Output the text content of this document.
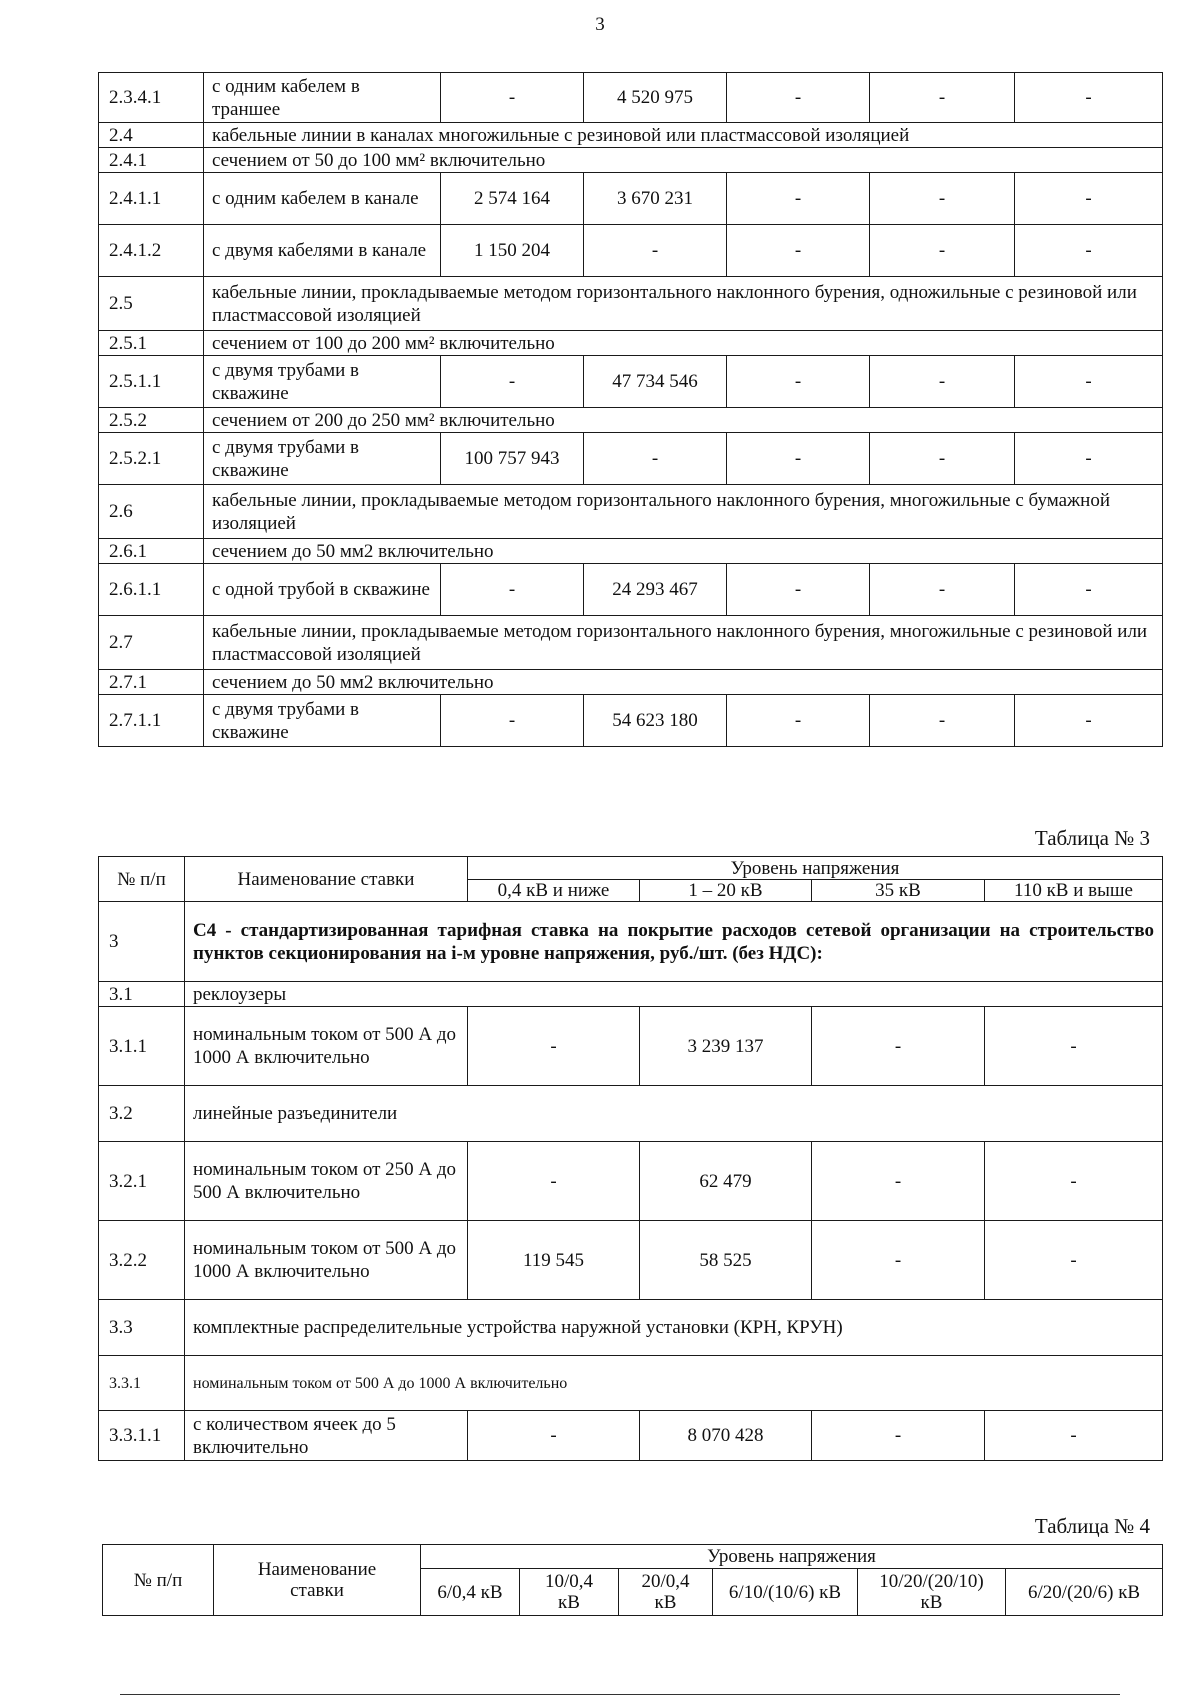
3
2.3.4.1	с одним кабелем в траншее	-	4 520 975	-	-	-
2.4	кабельные линии в каналах многожильные с резиновой или пластмассовой изоляцией					
2.4.1	сечением от 50 до 100 мм² включительно					
2.4.1.1	с одним кабелем в канале	2 574 164	3 670 231	-	-	-
2.4.1.2	с двумя кабелями в канале	1 150 204	-	-	-	-
2.5	кабельные линии, прокладываемые методом горизонтального наклонного бурения, одножильные с резиновой или пластмассовой изоляцией					
2.5.1	сечением от 100 до 200 мм² включительно					
2.5.1.1	с двумя трубами в скважине	-	47 734 546	-	-	-
2.5.2	сечением от 200 до 250 мм² включительно					
2.5.2.1	с двумя трубами в скважине	100 757 943	-	-	-	-
2.6	кабельные линии, прокладываемые методом горизонтального наклонного бурения, многожильные с бумажной изоляцией					
2.6.1	сечением до 50 мм2 включительно					
2.6.1.1	с одной трубой в скважине	-	24 293 467	-	-	-
2.7	кабельные линии, прокладываемые методом горизонтального наклонного бурения, многожильные с резиновой или пластмассовой изоляцией					
2.7.1	сечением до 50 мм2 включительно					
2.7.1.1	с двумя трубами в скважине	-	54 623 180	-	-	-
Таблица № 3
№ п/п	Наименование ставки	Уровень напряжения			
		0,4 кВ и ниже	1 – 20 кВ	35 кВ	110 кВ и выше
3	С4 - стандартизированная тарифная ставка на покрытие расходов сетевой организации на строительство пунктов секционирования на i-м уровне напряжения, руб./шт. (без НДС):				
3.1	реклоузеры				
3.1.1	номинальным током от 500 А до 1000 А включительно	-	3 239 137	-	-
3.2	линейные разъединители				
3.2.1	номинальным током от 250 А до 500 А включительно	-	62 479	-	-
3.2.2	номинальным током от 500 А до 1000 А включительно	119 545	58 525	-	-
3.3	комплектные распределительные устройства наружной установки (КРН, КРУН)				
3.3.1	номинальным током от 500 А до 1000 А включительно				
3.3.1.1	с количеством ячеек до 5 включительно	-	8 070 428	-	-
Таблица № 4
№ п/п	Наименование ставки	Уровень напряжения					
		6/0,4 кВ	10/0,4 кВ	20/0,4 кВ	6/10/(10/6) кВ	10/20/(20/10) кВ	6/20/(20/6) кВ
